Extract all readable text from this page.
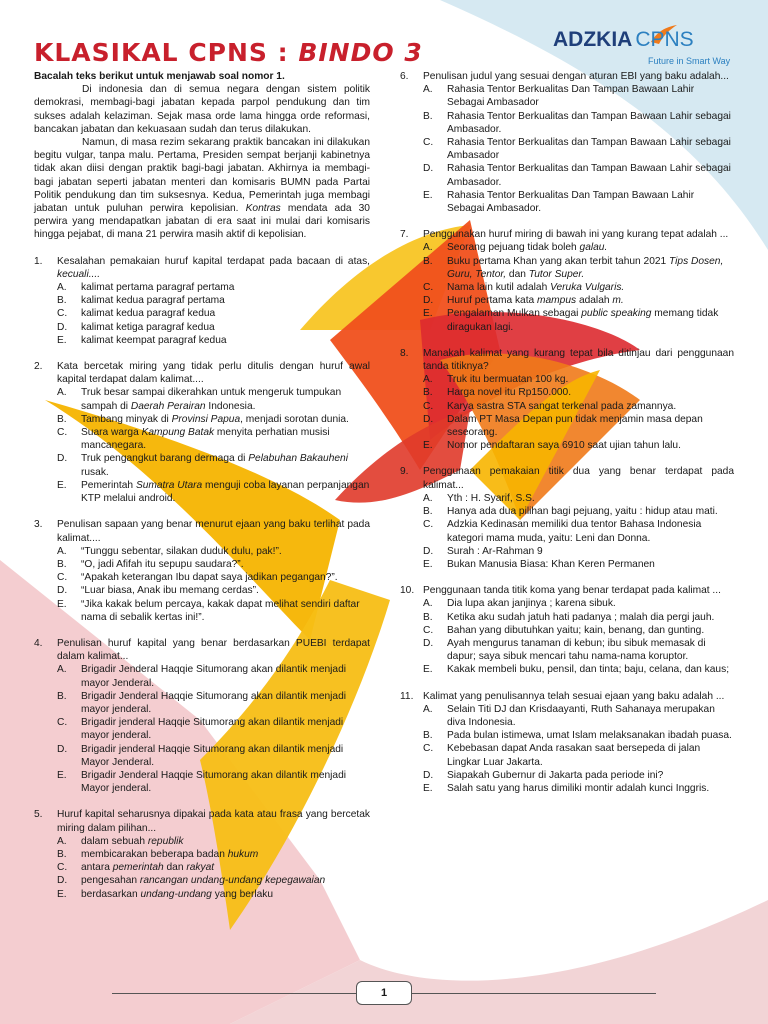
KLASIKAL CPNS : BINDO 3	ADZKIA CPNS
Future in Smart Way

Bacalah teks berikut untuk menjawab soal nomor 1.

Di indonesia dan di semua negara dengan sistem politik demokrasi, membagi-bagi jabatan kepada parpol pendukung dan tim sukses adalah kelaziman. Sejak masa orde lama hingga orde reformasi, bancakan jabatan dan kekuasaan sudah dan terus dilakukan.

Namun, di masa rezim sekarang praktik bancakan ini dilakukan begitu vulgar, tanpa malu. Pertama, Presiden sempat berjanji kabinetnya tidak akan diisi dengan praktik bagi-bagi jabatan. Akhirnya ia membagi-bagi jabatan seperti jabatan menteri dan komisaris BUMN pada Partai Politik pendukung dan tim suksesnya. Kedua, Pemerintah juga membagi jabatan untuk puluhan perwira kepolisian. Kontras mendata ada 30 perwira yang mendapatkan jabatan di era saat ini mulai dari komisaris hingga pejabat, di mana 21 perwira masih aktif di kepolisian.

1.	Kesalahan pemakaian huruf kapital terdapat pada bacaan di atas, kecuali....
A.	kalimat pertama paragraf pertama
B.	kalimat kedua paragraf pertama
C.	kalimat kedua paragraf kedua
D.	kalimat ketiga paragraf kedua
E.	kalimat keempat paragraf kedua
2.	Kata bercetak miring yang tidak perlu ditulis dengan huruf awal kapital terdapat dalam kalimat....
A.	Truk besar sampai dikerahkan untuk mengeruk tumpukan sampah di Daerah Perairan Indonesia.
B.	Tambang minyak di Provinsi Papua, menjadi sorotan dunia.
C.	Suara warga Kampung Batak menyita perhatian musisi mancanegara.
D.	Truk pengangkut barang dermaga di Pelabuhan Bakauheni rusak.
E.	Pemerintah Sumatra Utara menguji coba layanan perpanjangan KTP melalui android.
3.	Penulisan sapaan yang benar menurut ejaan yang baku terlihat pada kalimat....
A.	“Tunggu sebentar, silakan duduk dulu, pak!”.
B.	“O, jadi Afifah itu sepupu saudara?”.
C.	“Apakah keterangan Ibu dapat saya jadikan pegangan?”.
D.	“Luar biasa, Anak ibu memang cerdas”.
E.	“Jika kakak belum percaya, kakak dapat melihat sendiri daftar nama di sebalik kertas ini!”.
4.	Penulisan huruf kapital yang benar berdasarkan PUEBI terdapat dalam kalimat...
A.	Brigadir Jenderal Haqqie Situmorang akan dilantik menjadi mayor Jenderal.
B.	Brigadir Jenderal Haqqie Situmorang akan dilantik menjadi mayor jenderal.
C.	Brigadir jenderal Haqqie Situmorang akan dilantik menjadi mayor jenderal.
D.	Brigadir jenderal Haqqie Situmorang akan dilantik menjadi Mayor Jenderal.
E.	Brigadir Jenderal Haqqie Situmorang akan dilantik menjadi Mayor jenderal.
5.	Huruf kapital seharusnya dipakai pada kata atau frasa yang bercetak miring dalam pilihan...
A.	dalam sebuah republik
B.	membicarakan beberapa badan hukum
C.	antara pemerintah dan rakyat
D.	pengesahan rancangan undang-undang kepegawaian
E.	berdasarkan undang-undang yang berlaku
6.	Penulisan judul yang sesuai dengan aturan EBI yang baku adalah...
A.	Rahasia Tentor Berkualitas Dan Tampan Bawaan Lahir Sebagai Ambasador
B.	Rahasia Tentor Berkualitas dan Tampan Bawaan Lahir sebagai Ambasador.
C.	Rahasia Tentor Berkualitas dan Tampan Bawaan Lahir sebagai Ambasador
D.	Rahasia Tentor Berkualitas dan Tampan Bawaan Lahir sebagai Ambasador.
E.	Rahasia Tentor Berkualitas Dan Tampan Bawaan Lahir Sebagai Ambasador.
7.	Penggunakan huruf miring di bawah ini yang kurang tepat adalah ...
A.	Seorang pejuang tidak boleh galau.
B.	Buku pertama Khan yang akan terbit tahun 2021 Tips Dosen, Guru, Tentor, dan Tutor Super.
C.	Nama lain kutil adalah Veruka Vulgaris.
D.	Huruf pertama kata mampus adalah m.
E.	Pengalaman Mulkan sebagai public speaking memang tidak diragukan lagi.
8.	Manakah kalimat yang kurang tepat bila ditinjau dari penggunaan tanda titiknya?
A.	Truk itu bermuatan 100 kg.
B.	Harga novel itu Rp150.000.
C.	Karya sastra STA sangat terkenal pada zamannya.
D.	Dalam PT Masa Depan pun tidak menjamin masa depan seseorang.
E.	Nomor pendaftaran saya 6910 saat ujian tahun lalu.
9.	Penggunaan pemakaian titik dua yang benar terdapat pada kalimat...
A.	Yth : H. Syarif, S.S.
B.	Hanya ada dua pilihan bagi pejuang, yaitu : hidup atau mati.
C.	Adzkia Kedinasan memiliki dua tentor Bahasa Indonesia kategori mama muda, yaitu: Leni dan Donna.
D.	Surah : Ar-Rahman 9
E.	Bukan Manusia Biasa: Khan Keren Permanen
10. Penggunaan tanda titik koma yang benar terdapat pada kalimat ...
A.	Dia lupa akan janjinya ; karena sibuk.
B.	Ketika aku sudah jatuh hati padanya ; malah dia pergi jauh.
C.	Bahan yang dibutuhkan yaitu; kain, benang, dan gunting.
D.	Ayah mengurus tanaman di kebun; ibu sibuk memasak di dapur; saya sibuk mencari tahu nama-nama koruptor.
E.	Kakak membeli buku, pensil, dan tinta; baju, celana, dan kaus;
11. Kalimat yang penulisannya telah sesuai ejaan yang baku adalah ...
A.	Selain Titi DJ dan Krisdaayanti, Ruth Sahanaya merupakan diva Indonesia.
B.	Pada bulan istimewa, umat Islam melaksanakan ibadah puasa.
C.	Kebebasan dapat Anda rasakan saat bersepeda di jalan Lingkar Luar Jakarta.
D.	Siapakah Gubernur di Jakarta pada periode ini?
E.	Salah satu yang harus dimiliki montir adalah kunci Inggris.
1
